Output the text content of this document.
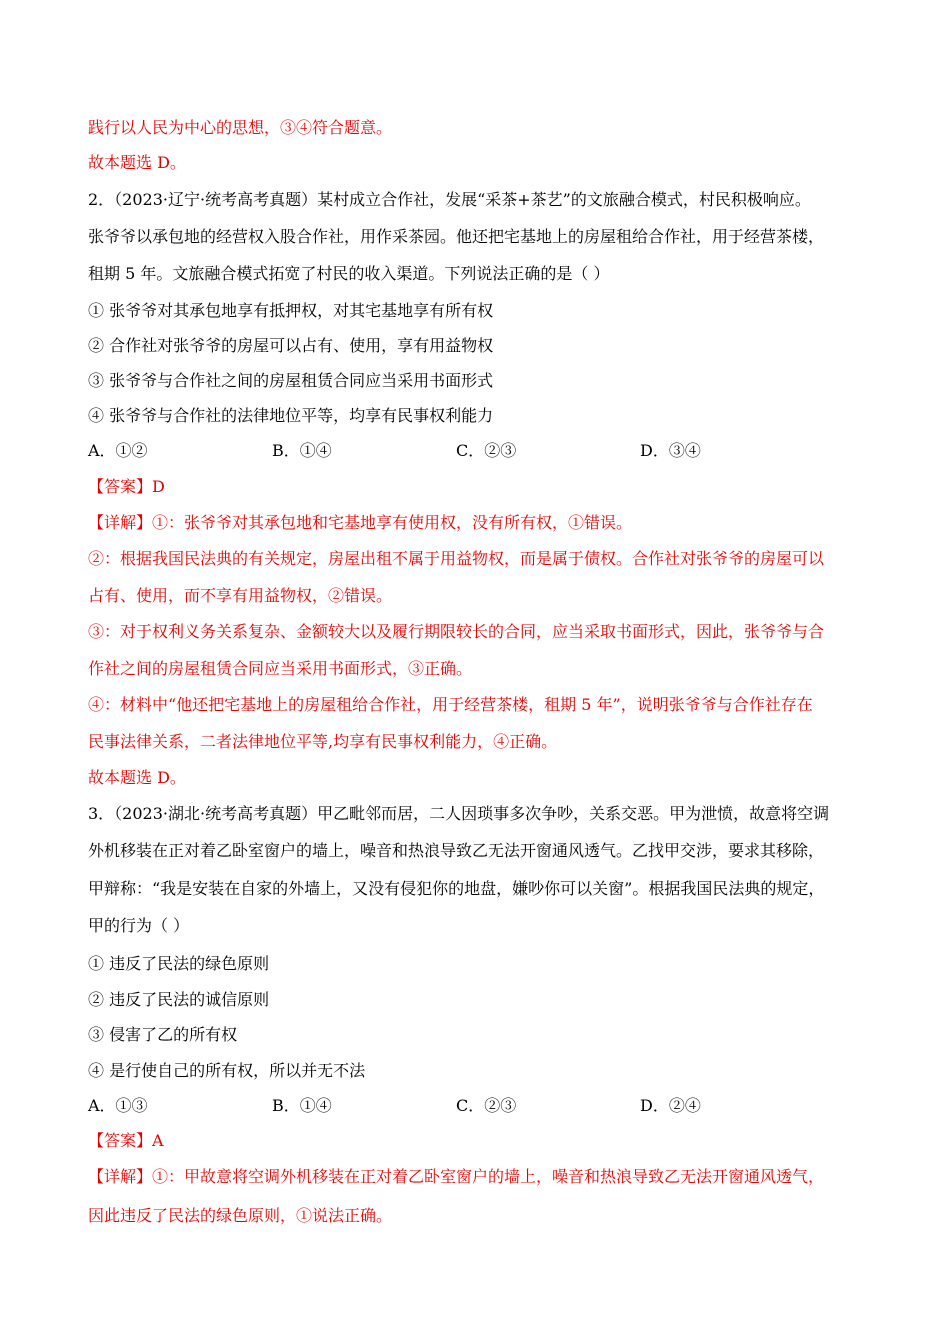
践行以人民为中心的思想，③④符合题意。
故本题选 D。
2．（2023·辽宁·统考高考真题）某村成立合作社，发展“采茶+茶艺”的文旅融合模式，村民积极响应。
张爷爷以承包地的经营权入股合作社，用作采茶园。他还把宅基地上的房屋租给合作社，用于经营茶楼，
租期 5 年。文旅融合模式拓宽了村民的收入渠道。下列说法正确的是（ ）
① 张爷爷对其承包地享有抵押权，对其宅基地享有所有权
② 合作社对张爷爷的房屋可以占有、使用，享有用益物权
③ 张爷爷与合作社之间的房屋租赁合同应当采用书面形式
④ 张爷爷与合作社的法律地位平等，均享有民事权利能力
A．①②	B．①④	C．②③	D．③④
【答案】D
【详解】①：张爷爷对其承包地和宅基地享有使用权，没有所有权，①错误。
②：根据我国民法典的有关规定，房屋出租不属于用益物权，而是属于债权。合作社对张爷爷的房屋可以
占有、使用，而不享有用益物权，②错误。
③：对于权利义务关系复杂、金额较大以及履行期限较长的合同，应当采取书面形式，因此，张爷爷与合
作社之间的房屋租赁合同应当采用书面形式，③正确。
④：材料中“他还把宅基地上的房屋租给合作社，用于经营茶楼，租期 5 年”，说明张爷爷与合作社存在
民事法律关系，二者法律地位平等,均享有民事权利能力，④正确。
故本题选 D。
3．（2023·湖北·统考高考真题）甲乙毗邻而居，二人因琐事多次争吵，关系交恶。甲为泄愤，故意将空调
外机移装在正对着乙卧室窗户的墙上，噪音和热浪导致乙无法开窗通风透气。乙找甲交涉，要求其移除，
甲辩称：“我是安装在自家的外墙上，又没有侵犯你的地盘，嫌吵你可以关窗”。根据我国民法典的规定，
甲的行为（ ）
① 违反了民法的绿色原则
② 违反了民法的诚信原则
③ 侵害了乙的所有权
④ 是行使自己的所有权，所以并无不法
A．①③	B．①④	C．②③	D．②④
【答案】A
【详解】①：甲故意将空调外机移装在正对着乙卧室窗户的墙上，噪音和热浪导致乙无法开窗通风透气，
因此违反了民法的绿色原则，①说法正确。
